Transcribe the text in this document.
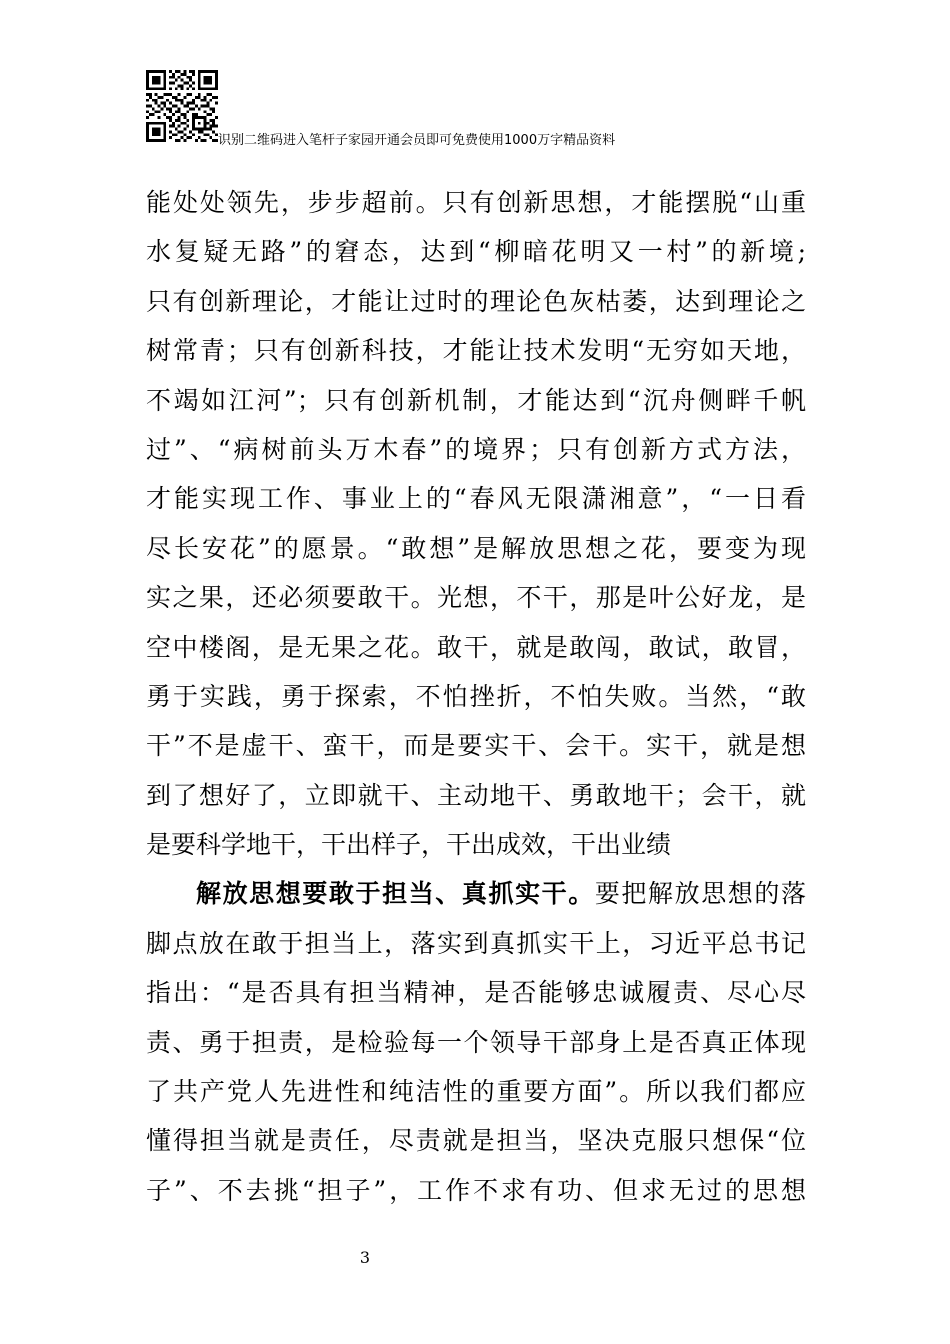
识别二维码进入笔杆子家园开通会员即可免费使用1000万字精品资料
能处处领先，步步超前。只有创新思想，才能摆脱“山重
水复疑无路”的窘态，达到“柳暗花明又一村”的新境;
只有创新理论，才能让过时的理论色灰枯萎，达到理论之
树常青；只有创新科技，才能让技术发明“无穷如天地，
不竭如江河”；只有创新机制，才能达到“沉舟侧畔千帆
过”、“病树前头万木春”的境界；只有创新方式方法，
才能实现工作、事业上的“春风无限潇湘意”，“一日看
尽长安花”的愿景。“敢想”是解放思想之花，要变为现
实之果，还必须要敢干。光想，不干，那是叶公好龙，是
空中楼阁，是无果之花。敢干，就是敢闯，敢试，敢冒，
勇于实践，勇于探索，不怕挫折，不怕失败。当然，“敢
干”不是虚干、蛮干，而是要实干、会干。实干，就是想
到了想好了，立即就干、主动地干、勇敢地干；会干，就
是要科学地干，干出样子，干出成效，干出业绩
解放思想要敢于担当、真抓实干。要把解放思想的落
脚点放在敢于担当上，落实到真抓实干上，习近平总书记
指出：“是否具有担当精神，是否能够忠诚履责、尽心尽
责、勇于担责，是检验每一个领导干部身上是否真正体现
了共产党人先进性和纯洁性的重要方面”。所以我们都应
懂得担当就是责任，尽责就是担当，坚决克服只想保“位
子”、不去挑“担子”，工作不求有功、但求无过的思想
3
